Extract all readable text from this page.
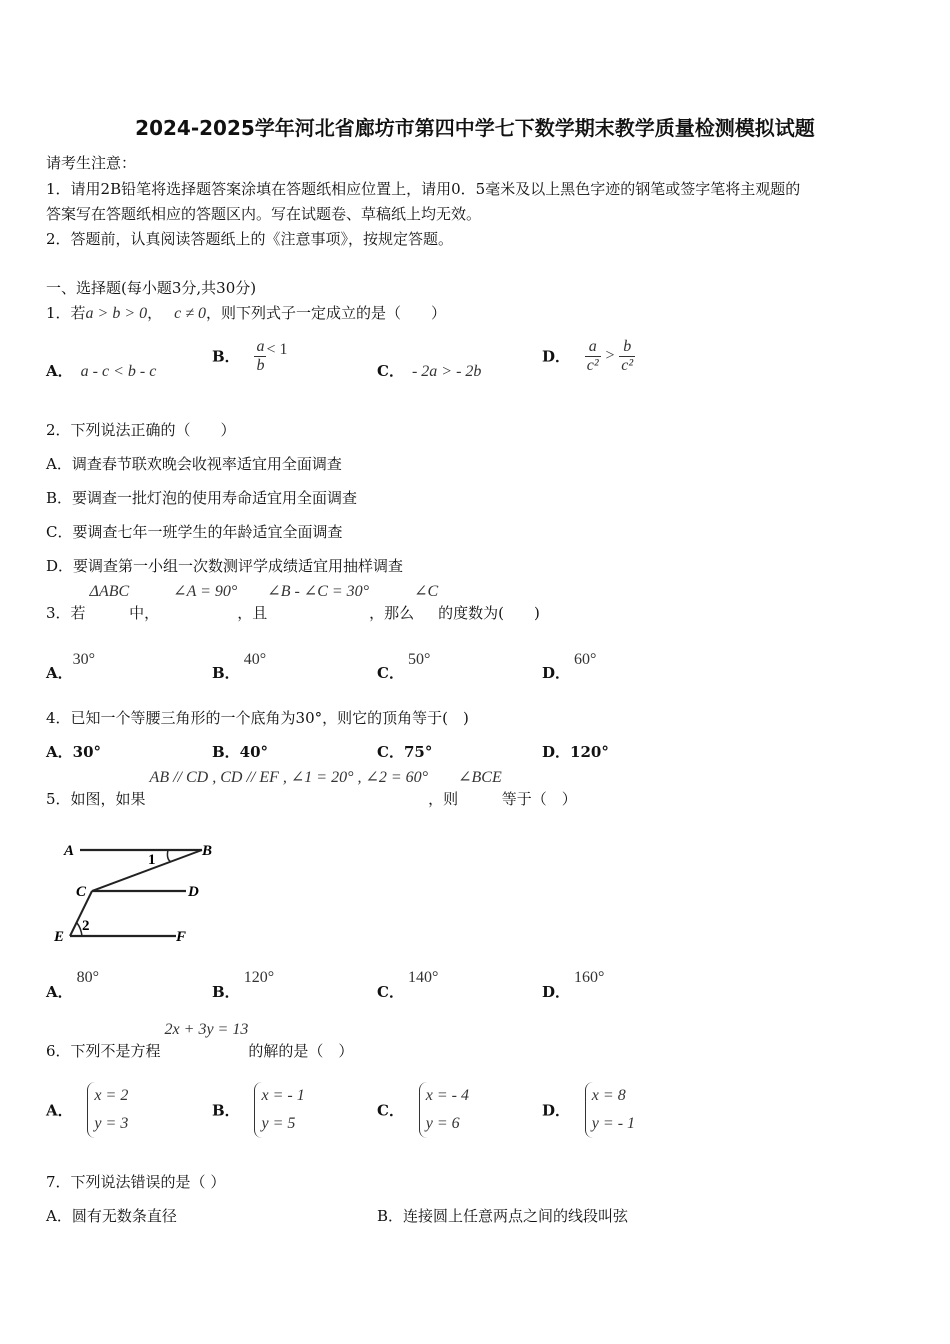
2024-2025学年河北省廊坊市第四中学七下数学期末教学质量检测模拟试题
请考生注意：
1．请用2B铅笔将选择题答案涂填在答题纸相应位置上，请用0．5毫米及以上黑色字迹的钢笔或签字笔将主观题的
答案写在答题纸相应的答题区内。写在试题卷、草稿纸上均无效。
2．答题前，认真阅读答题纸上的《注意事项》，按规定答题。
一、选择题(每小题3分,共30分)
1．若a > b > 0， c ≠ 0，则下列式子一定成立的是（　　）
A． a - c < b - c
B． $\frac{a}{b} < 1$
C． - 2a > - 2b
D． $\frac{a}{\text{c²}} > \frac{b}{\text{c²}}$
2．下列说法正确的（　　）
A．调查春节联欢晚会收视率适宜用全面调查
B．要调查一批灯泡的使用寿命适宜用全面调查
C．要调查七年一班学生的年龄适宜全面调查
D．要调查第一小组一次数测评学成绩适宜用抽样调查
3．若ΔABC中，∠A = 90°，且∠B - ∠C = 30°，那么∠C的度数为(　　)
A．30°
B．40°
C．50°
D．60°
4．已知一个等腰三角形的一个底角为30°，则它的顶角等于(　)
A．30°	B．40°	C．75°	D．120°
5．如图，如果AB // CD , CD // EF , ∠1 = 20° , ∠2 = 60°，则∠BCE等于（　）
A	B
C	D
E	F
1
2
A．80°
B．120°
C．140°
D．160°
6．下列不是方程2x + 3y = 13的解的是（　）
A．
x = 2
y = 3
B．
x = - 1
y = 5
C．
x = - 4
y = 6
D．
x = 8
y = - 1
7．下列说法错误的是（ ）
A．圆有无数条直径	B．连接圆上任意两点之间的线段叫弦
